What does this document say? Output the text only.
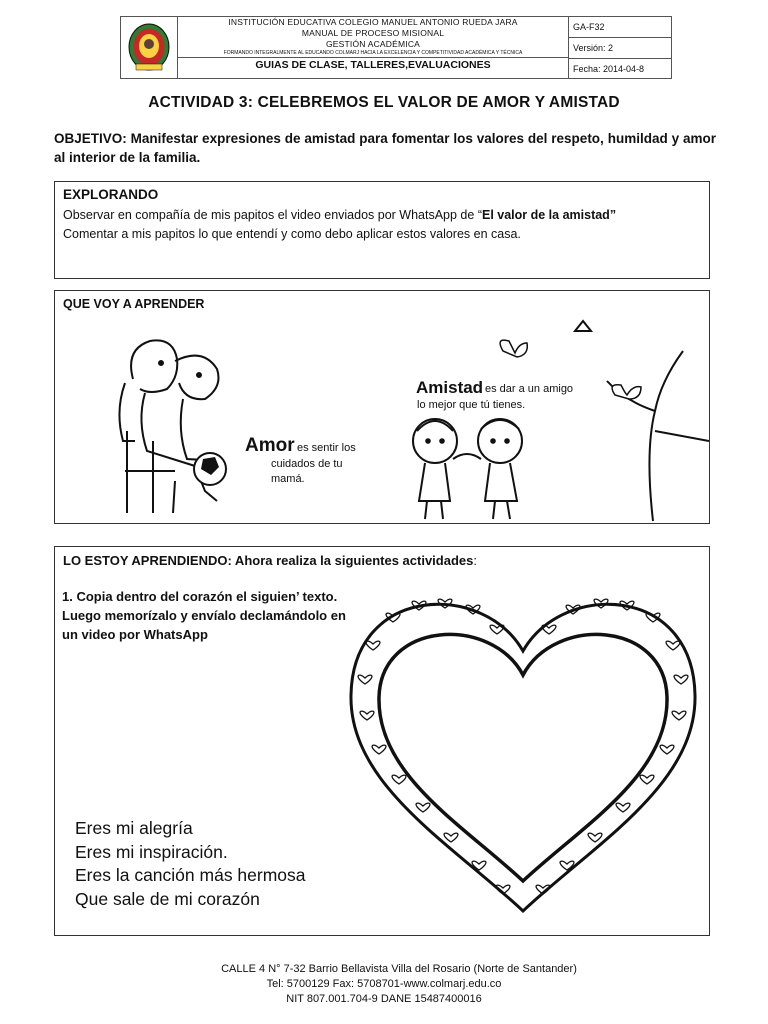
INSTITUCIÓN EDUCATIVA COLEGIO MANUEL ANTONIO RUEDA JARA
MANUAL DE PROCESO MISIONAL
GESTIÓN ACADÉMICA
FORMANDO INTEGRALMENTE AL EDUCANDO COLMARJ HACIA LA EXCELENCIA Y COMPETITIVIDAD ACADÉMICA Y TÉCNICA
GUIAS DE CLASE, TALLERES,EVALUACIONES
GA-F32
Versión: 2
Fecha: 2014-04-8
ACTIVIDAD 3: CELEBREMOS EL VALOR DE AMOR Y AMISTAD
OBJETIVO: Manifestar expresiones de amistad para fomentar los valores del respeto, humildad y amor al interior de la familia.
EXPLORANDO
Observar en compañía de mis papitos el video enviados por WhatsApp de “El valor de la amistad”
Comentar a mis papitos lo que entendí y como debo aplicar estos valores en casa.
QUE VOY A APRENDER
Amor es sentir los
cuidados de tu
mamá.
Amistad es dar a un amigo
lo mejor que tú tienes.
LO ESTOY APRENDIENDO: Ahora realiza la siguientes actividades:
1. Copia dentro del corazón el siguien’ texto. Luego memorízalo y envíalo declamándolo en un video por WhatsApp
Eres mi alegría
Eres mi inspiración.
Eres la canción más hermosa
Que sale de mi corazón
CALLE 4 N° 7-32 Barrio Bellavista Villa del Rosario (Norte de Santander)
Tel: 5700129 Fax: 5708701-www.colmarj.edu.co
NIT 807.001.704-9 DANE 15487400016
